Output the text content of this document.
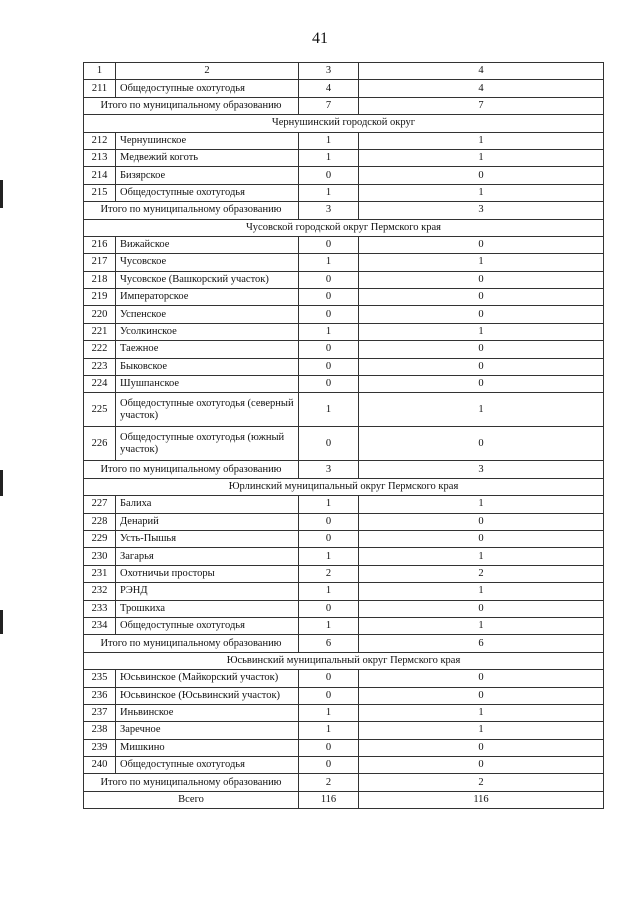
41
1	2	3	4
211	Общедоступные охотугодья	4	4
Итого по муниципальному образованию		7	7
Чернушинский городской округ			
212	Чернушинское	1	1
213	Медвежий коготь	1	1
214	Бизярское	0	0
215	Общедоступные охотугодья	1	1
Итого по муниципальному образованию		3	3
Чусовской городской округ Пермского края			
216	Вижайское	0	0
217	Чусовское	1	1
218	Чусовское (Вашкорский участок)	0	0
219	Императорское	0	0
220	Успенское	0	0
221	Усолкинское	1	1
222	Таежное	0	0
223	Быковское	0	0
224	Шушпанское	0	0
225	Общедоступные охотугодья (северный участок)	1	1
226	Общедоступные охотугодья (южный участок)	0	0
Итого по муниципальному образованию		3	3
Юрлинский муниципальный округ Пермского края			
227	Балиха	1	1
228	Денарий	0	0
229	Усть-Пышья	0	0
230	Загарья	1	1
231	Охотничьи просторы	2	2
232	РЭНД	1	1
233	Трошкиха	0	0
234	Общедоступные охотугодья	1	1
Итого по муниципальному образованию		6	6
Юсьвинский муниципальный округ Пермского края			
235	Юсьвинское (Майкорский участок)	0	0
236	Юсьвинское (Юсьвинский участок)	0	0
237	Иньвинское	1	1
238	Заречное	1	1
239	Мишкино	0	0
240	Общедоступные охотугодья	0	0
Итого по муниципальному образованию		2	2
Всего		116	116
